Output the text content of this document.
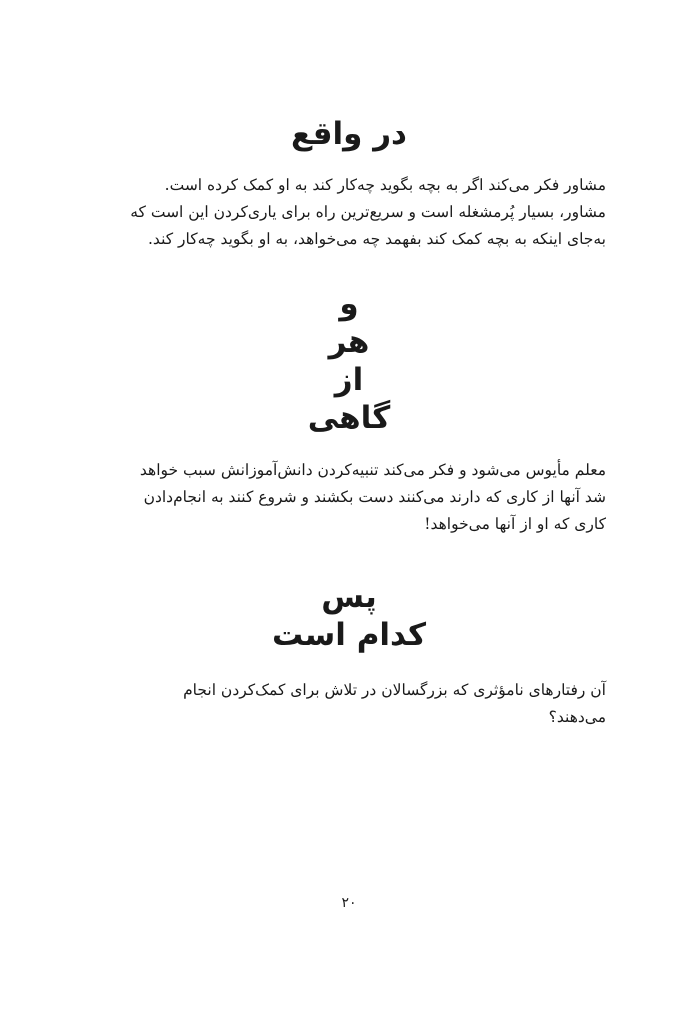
در واقع

مشاور فکر می‌کند اگر به بچه بگوید چه‌کار کند به او کمک کرده است.
مشاور، بسیار پُرمشغله است و سریع‌ترین راه برای یاری‌کردن این است که
به‌جای اینکه به بچه کمک کند بفهمد چه می‌خواهد، به او بگوید چه‌کار کند.

و
هر
از
گاهی

معلم مأیوس می‌شود و فکر می‌کند تنبیه‌کردن دانش‌آموزانش سبب خواهد
شد آنها از کاری که دارند می‌کنند دست بکشند و شروع کنند به انجام‌دادن
کاری که او از آنها می‌خواهد!

پس
کدام است

آن رفتارهای نامؤثری که بزرگسالان در تلاش برای کمک‌کردن انجام
می‌دهند؟

۲۰
